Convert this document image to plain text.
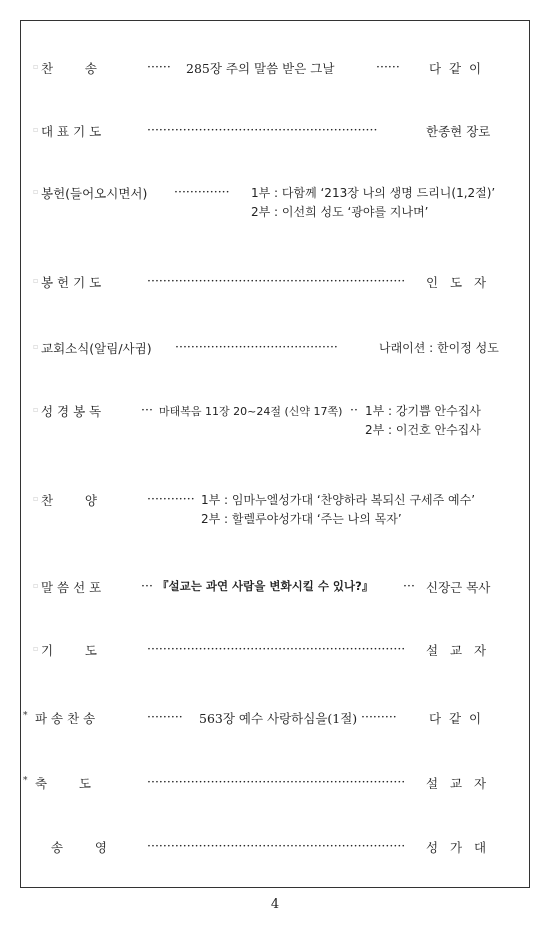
▫ 찬        송	······ 285장 주의 말씀 받은 그날	······ 다  같  이
▫ 대 표 기 도	··························································	한종현 장로
▫ 봉헌(들어오시면서) ·············· 1부 : 다함께 ‘213장 나의 생명 드리니(1,2절)’
2부 : 이선희 성도 ‘광야를 지나며’
▫ 봉 헌 기 도	·································································	인   도   자
▫ 교회소식(알림/사귐) ·········································	나래이션 : 한이정 성도
▫ 성 경 봉 독	··· 마태복음 11장 20~24절 (신약 17쪽) ·· 1부 : 강기쁨 안수집사
2부 : 이건호 안수집사
▫ 찬        양	············ 1부 : 임마누엘성가대 ‘찬양하라 복되신 구세주 예수’
2부 : 할렐루야성가대 ‘주는 나의 목자’
▫ 말 씀 선 포	··· 『설교는 과연 사람을 변화시킬 수 있나?』 ··· 신장근 목사
▫ 기        도	·································································	설   교   자
* 파 송 찬 송	········· 563장 예수 사랑하심을(1절) ·········	다  같  이
* 축        도	·································································	설   교   자
송        영	·································································	성   가   대
4
